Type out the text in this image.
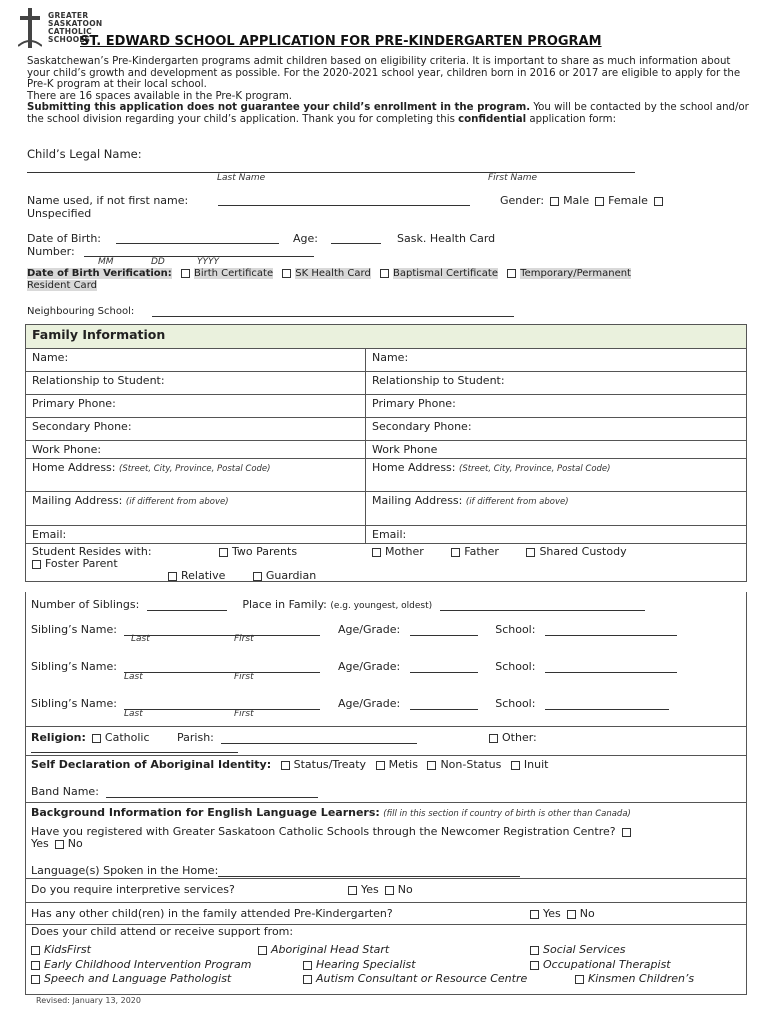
GREATER
SASKATOON
CATHOLIC
SCHOOLS
ST. EDWARD SCHOOL APPLICATION FOR PRE-KINDERGARTEN PROGRAM
Saskatchewan’s Pre-Kindergarten programs admit children based on eligibility criteria. It is important to share as much information about your child’s growth and development as possible. For the 2020-2021 school year, children born in 2016 or 2017 are eligible to apply for the Pre-K program at their local school.
There are 16 spaces available in the Pre-K program.
Submitting this application does not guarantee your child’s enrollment in the program. You will be contacted by the school and/or
the school division regarding your child’s application. Thank you for completing this confidential application form:
Child’s Legal Name:
Last Name	First Name
Name used, if not first name:	Gender: Male Female
Unspecified
Date of Birth:	Age:	Sask. Health Card
Number:
MM	DD	YYYY
Date of Birth Verification: Birth Certificate SK Health Card Baptismal Certificate Temporary/Permanent
Resident Card
Neighbouring School:
Family Information	
Name:	Name:
Relationship to Student:	Relationship to Student:
Primary Phone:	Primary Phone:
Secondary Phone:	Secondary Phone:
Work Phone:	Work Phone
Home Address: (Street, City, Province, Postal Code)	Home Address: (Street, City, Province, Postal Code)
Mailing Address: (if different from above)	Mailing Address: (if different from above)
Email:	Email:

Student Resides with: Two Parents Mother Father Shared Custody
Foster Parent
Relative Guardian	
Number of Siblings:	Place in Family: (e.g. youngest, oldest)
Sibling’s Name:	Age/Grade:	School:
Last	First
Sibling’s Name:	Age/Grade:	School:
Last	First
Sibling’s Name:	Age/Grade:	School:
Last	First
Religion: Catholic	Parish:	Other:
Self Declaration of Aboriginal Identity: Status/Treaty Metis Non-Status Inuit
Band Name:
Background Information for English Language Learners: (fill in this section if country of birth is other than Canada)
Have you registered with Greater Saskatoon Catholic Schools through the Newcomer Registration Centre?
Yes No
Language(s) Spoken in the Home:
Do you require interpretive services?	Yes No
Has any other child(ren) in the family attended Pre-Kindergarten?	Yes No
Does your child attend or receive support from:
KidsFirst	Aboriginal Head Start	Social Services
Early Childhood Intervention Program	Hearing Specialist	Occupational Therapist
Speech and Language Pathologist	Autism Consultant or Resource Centre	Kinsmen Children’s
Revised: January 13, 2020
